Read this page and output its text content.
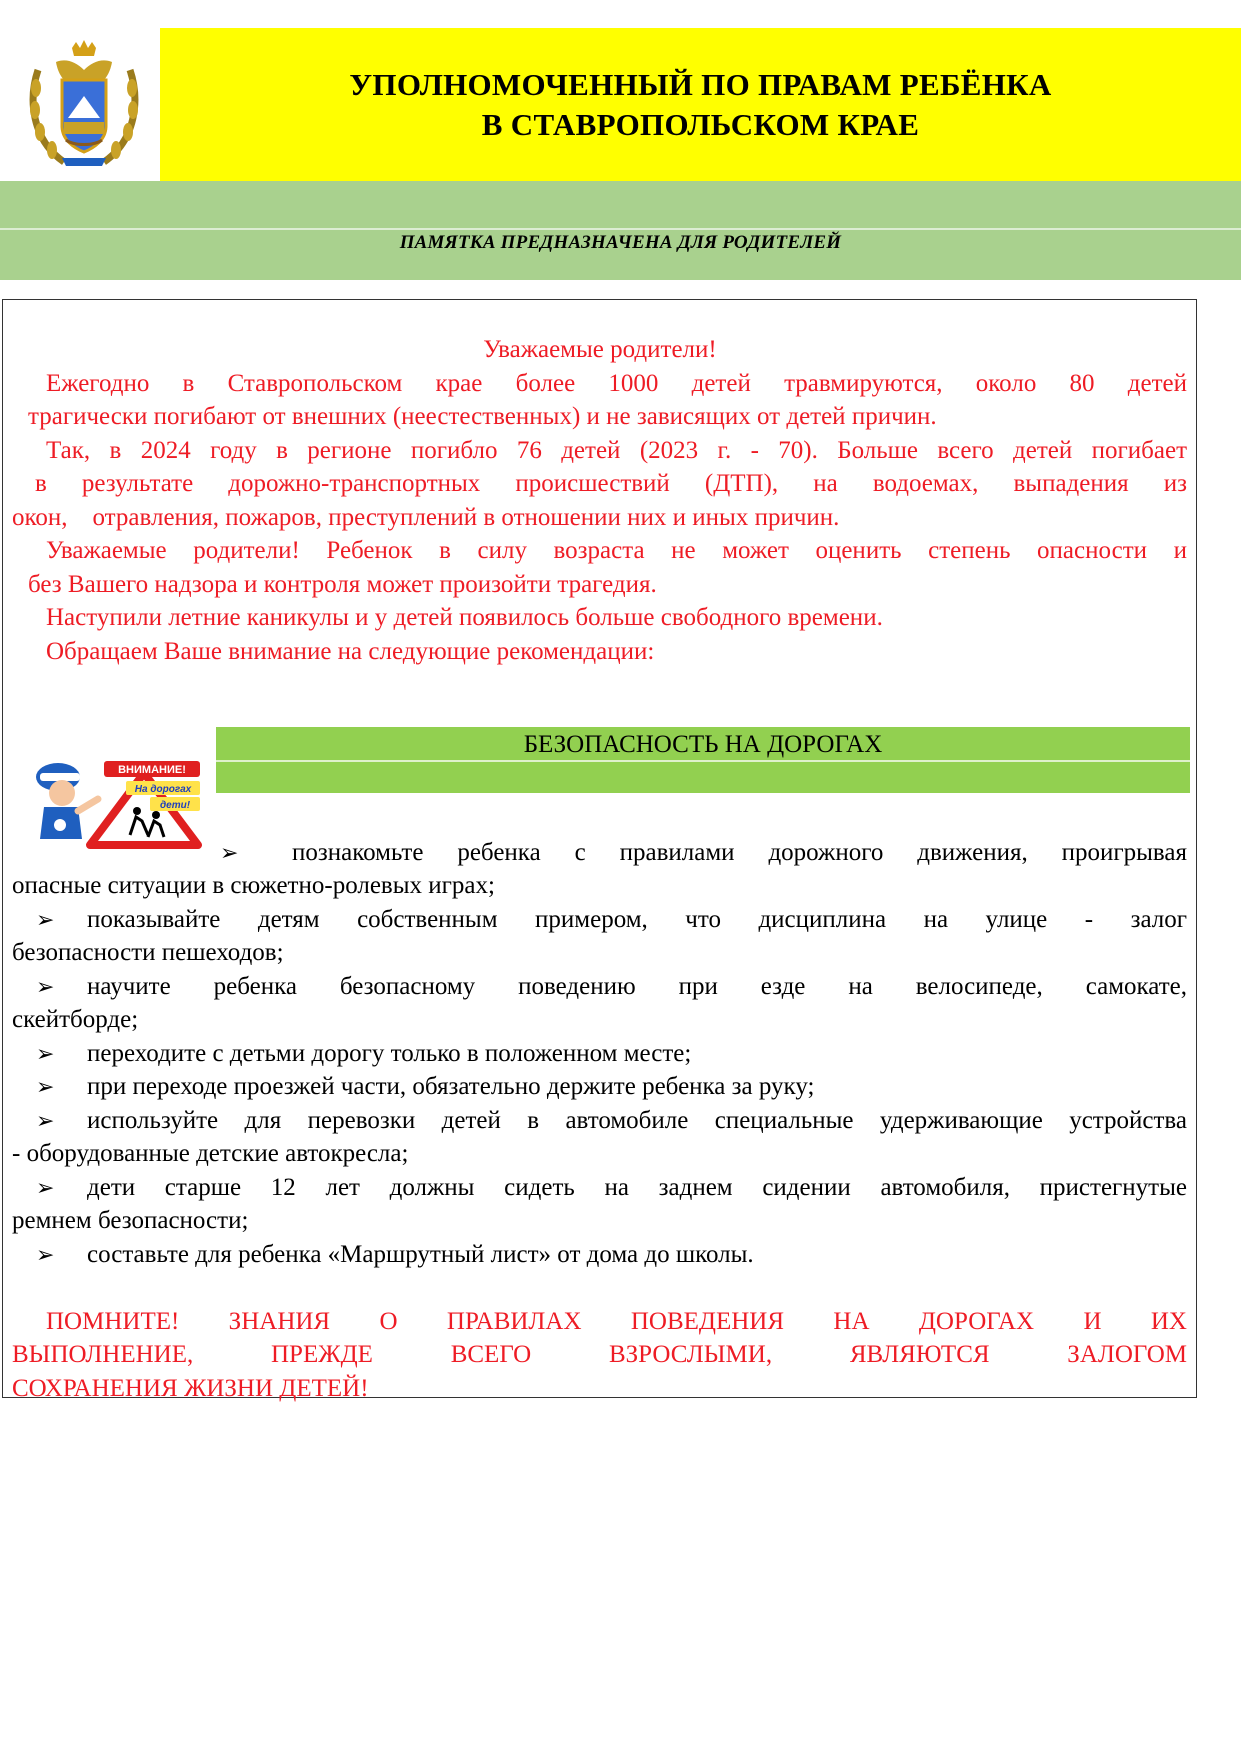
УПОЛНОМОЧЕННЫЙ ПО ПРАВАМ РЕБЁНКА
В СТАВРОПОЛЬСКОМ КРАЕ
ПАМЯТКА ПРЕДНАЗНАЧЕНА ДЛЯ РОДИТЕЛЕЙ
Уважаемые родители!
Ежегодно в Ставропольском крае более 1000 детей травмируются, около 80 детей
трагически погибают от внешних (неестественных) и не зависящих от детей причин.
Так, в 2024 году в регионе погибло 76 детей (2023 г. - 70). Больше всего детей погибает
в результате дорожно-транспортных происшествий (ДТП), на водоемах, выпадения из
окон,    отравления, пожаров, преступлений в отношении них и иных причин.
Уважаемые родители! Ребенок в силу возраста не может оценить степень опасности и
без Вашего надзора и контроля может произойти трагедия.
Наступили летние каникулы и у детей появилось больше свободного времени.
Обращаем Ваше внимание на следующие рекомендации:
БЕЗОПАСНОСТЬ НА ДОРОГАХ
ВНИМАНИЕ!
На дорогах
дети!
➢ познакомьте ребенка с правилами дорожного движения, проигрывая
опасные ситуации в сюжетно-ролевых играх;
➢ показывайте детям собственным примером, что дисциплина на улице - залог
безопасности пешеходов;
➢ научите ребенка безопасному поведению при езде на велосипеде, самокате,
скейтборде;
➢ переходите с детьми дорогу только в положенном месте;
➢ при переходе проезжей части, обязательно держите ребенка за руку;
➢ используйте для перевозки детей в автомобиле специальные удерживающие устройства
- оборудованные детские автокресла;
➢ дети старше 12 лет должны сидеть на заднем сидении автомобиля, пристегнутые
ремнем безопасности;
➢ составьте для ребенка «Маршрутный лист» от дома до школы.
ПОМНИТЕ! ЗНАНИЯ О ПРАВИЛАХ ПОВЕДЕНИЯ НА ДОРОГАХ И ИХ
ВЫПОЛНЕНИЕ, ПРЕЖДЕ ВСЕГО ВЗРОСЛЫМИ, ЯВЛЯЮТСЯ ЗАЛОГОМ
СОХРАНЕНИЯ ЖИЗНИ ДЕТЕЙ!
